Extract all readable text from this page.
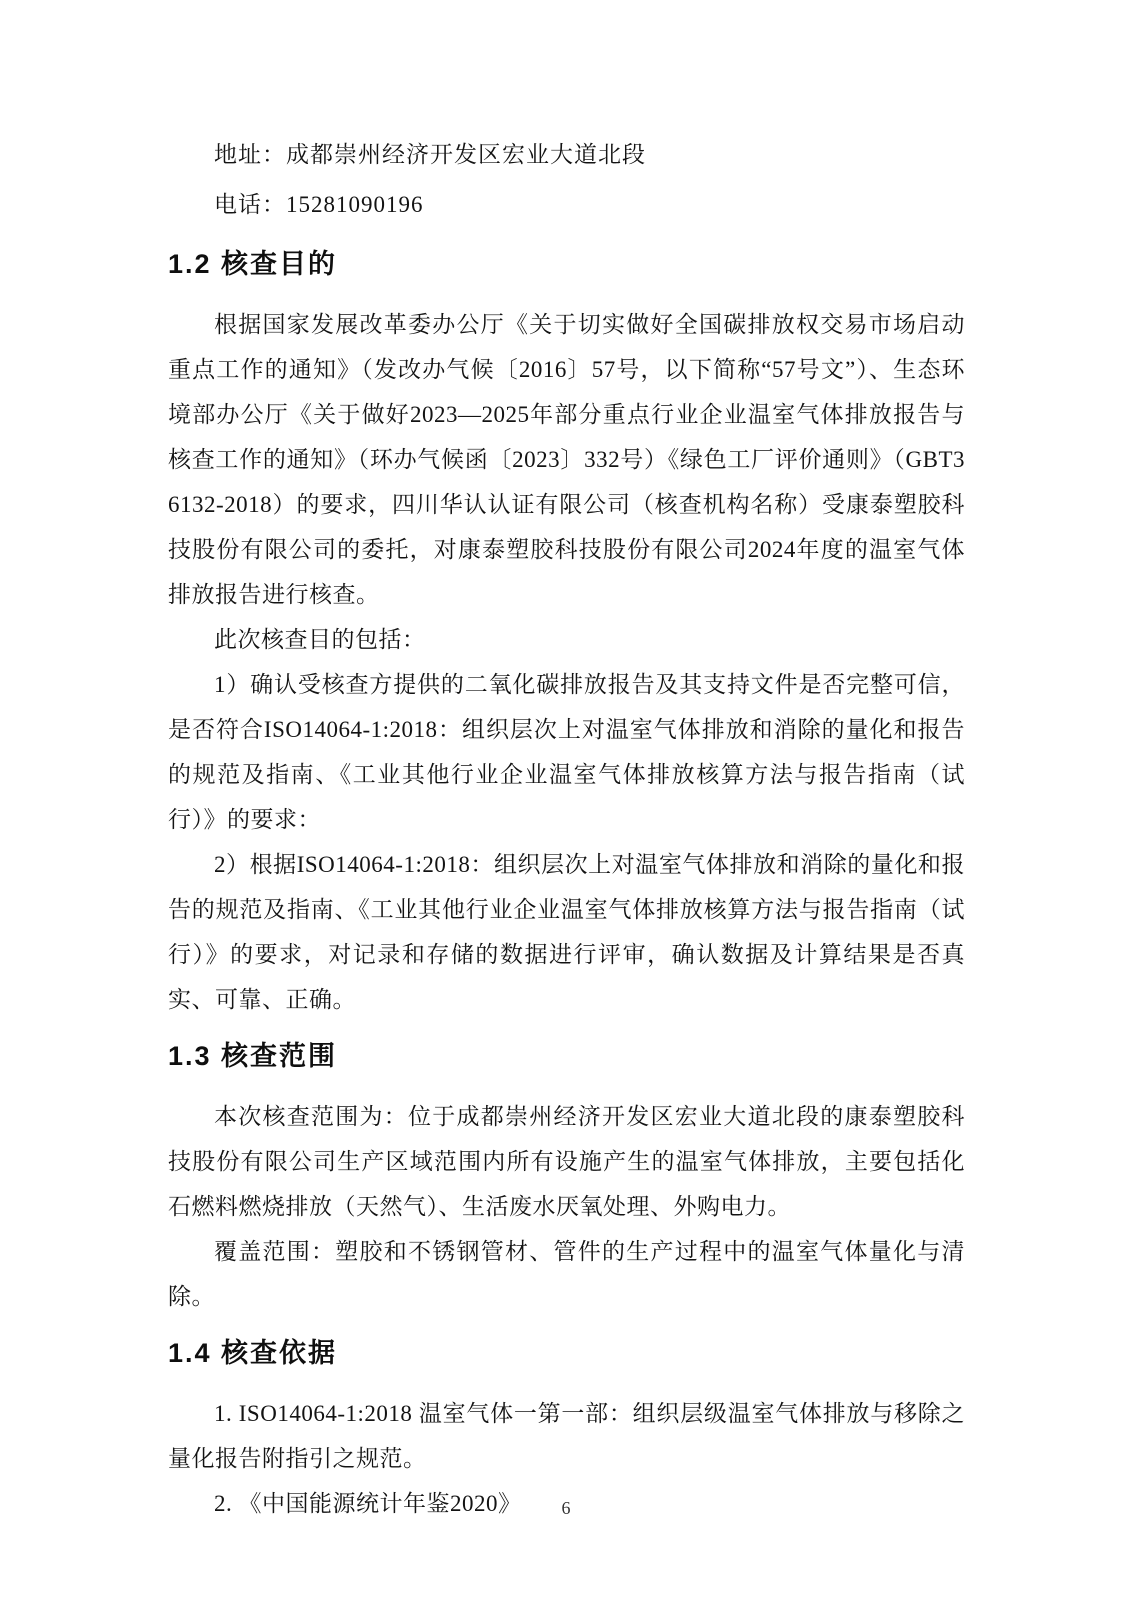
地址：成都崇州经济开发区宏业大道北段

电话：15281090196

1.2 核查目的

根据国家发展改革委办公厅《关于切实做好全国碳排放权交易市场启动重点工作的通知》（发改办气候〔2016〕57号，以下简称“57号文”）、生态环境部办公厅《关于做好2023—2025年部分重点行业企业温室气体排放报告与核查工作的通知》（环办气候函〔2023〕332号）《绿色工厂评价通则》（GBT36132-2018）的要求，四川华认认证有限公司（核查机构名称）受康泰塑胶科技股份有限公司的委托，对康泰塑胶科技股份有限公司2024年度的温室气体排放报告进行核查。

此次核查目的包括：

1）确认受核查方提供的二氧化碳排放报告及其支持文件是否完整可信，是否符合ISO14064-1:2018：组织层次上对温室气体排放和消除的量化和报告的规范及指南、《工业其他行业企业温室气体排放核算方法与报告指南（试行）》的要求：

2）根据ISO14064-1:2018：组织层次上对温室气体排放和消除的量化和报告的规范及指南、《工业其他行业企业温室气体排放核算方法与报告指南（试行）》的要求，对记录和存储的数据进行评审，确认数据及计算结果是否真实、可靠、正确。

1.3 核查范围

本次核查范围为：位于成都崇州经济开发区宏业大道北段的康泰塑胶科技股份有限公司生产区域范围内所有设施产生的温室气体排放，主要包括化石燃料燃烧排放（天然气）、生活废水厌氧处理、外购电力。

覆盖范围：塑胶和不锈钢管材、管件的生产过程中的温室气体量化与清除。

1.4 核查依据

1. ISO14064-1:2018 温室气体一第一部：组织层级温室气体排放与移除之量化报告附指引之规范。

2. 《中国能源统计年鉴2020》	6
